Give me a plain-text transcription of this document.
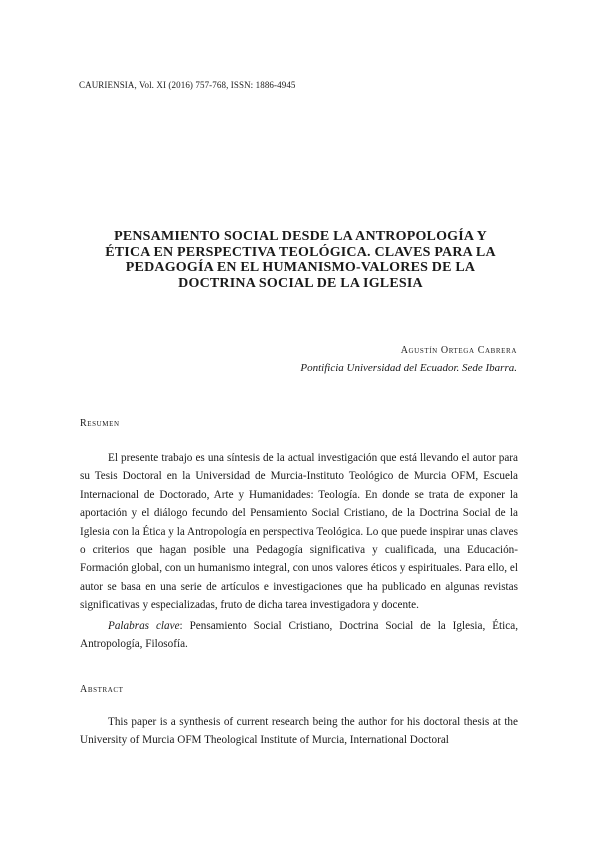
CAURIENSIA, Vol. XI (2016) 757-768, ISSN: 1886-4945
PENSAMIENTO SOCIAL DESDE LA ANTROPOLOGÍA Y
ÉTICA EN PERSPECTIVA TEOLÓGICA. CLAVES PARA LA
PEDAGOGÍA EN EL HUMANISMO-VALORES DE LA
DOCTRINA SOCIAL DE LA IGLESIA
Agustín Ortega Cabrera
Pontificia Universidad del Ecuador. Sede Ibarra.
Resumen
El presente trabajo es una síntesis de la actual investigación que está llevando el autor para su Tesis Doctoral en la Universidad de Murcia-Instituto Teológico de Murcia OFM, Escuela Internacional de Doctorado, Arte y Humanidades: Teología. En donde se trata de exponer la aportación y el diálogo fecundo del Pensamiento Social Cristiano, de la Doctrina Social de la Iglesia con la Ética y la Antropología en perspectiva Teológica. Lo que puede inspirar unas claves o criterios que hagan posible una Pedagogía significativa y cualificada, una Educación-Formación global, con un humanismo integral, con unos valores éticos y espirituales. Para ello, el autor se basa en una serie de artículos e investigaciones que ha publicado en algunas revistas significativas y especializadas, fruto de dicha tarea investigadora y docente.
Palabras clave: Pensamiento Social Cristiano, Doctrina Social de la Iglesia, Ética, Antropología, Filosofía.
Abstract
This paper is a synthesis of current research being the author for his doctoral thesis at the University of Murcia OFM Theological Institute of Murcia, International Doctoral
